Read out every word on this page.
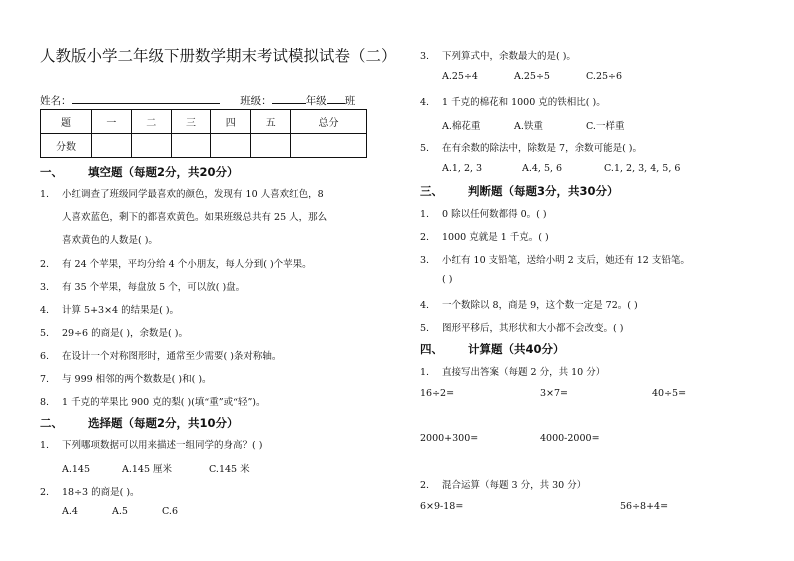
人教版小学二年级下册数学期末考试模拟试卷（二）
姓名：	班级：	年级 班
题	一	二	三	四	五	总分
分数						
一、 填空题（每题2分，共20分）
1. 小红调查了班级同学最喜欢的颜色，发现有 10 人喜欢红色，8
人喜欢蓝色，剩下的都喜欢黄色。如果班级总共有 25 人，那么
喜欢黄色的人数是( )。
2. 有 24 个苹果，平均分给 4 个小朋友，每人分到( )个苹果。
3. 有 35 个苹果，每盘放 5 个，可以放( )盘。
4. 计算 5+3×4 的结果是( )。
5. 29÷6 的商是( )，余数是( )。
6. 在设计一个对称图形时，通常至少需要( )条对称轴。
7. 与 999 相邻的两个数数是( )和( )。
8. 1 千克的苹果比 900 克的梨( )(填“重”或“轻”)。
二、 选择题（每题2分，共10分）
1. 下列哪项数据可以用来描述一组同学的身高？( )
A.145	A.145 厘米	C.145 米
2. 18÷3 的商是( )。
A.4	A.5	C.6
3. 下列算式中，余数最大的是( )。
A.25÷4	A.25÷5	C.25÷6
4. 1 千克的棉花和 1000 克的铁相比( )。
A.棉花重	A.铁重	C.一样重
5. 在有余数的除法中，除数是 7，余数可能是( )。
A.1, 2, 3	A.4, 5, 6	C.1, 2, 3, 4, 5, 6
三、 判断题（每题3分，共30分）
1. 0 除以任何数都得 0。( )
2. 1000 克就是 1 千克。( )
3. 小红有 10 支铅笔，送给小明 2 支后，她还有 12 支铅笔。
( )
4. 一个数除以 8，商是 9，这个数一定是 72。( )
5. 图形平移后，其形状和大小都不会改变。( )
四、 计算题（共40分）
1. 直接写出答案（每题 2 分，共 10 分）
16÷2=	3×7=	40÷5=
2000+300=	4000-2000=
2. 混合运算（每题 3 分，共 30 分）
6×9-18=	56÷8+4=
